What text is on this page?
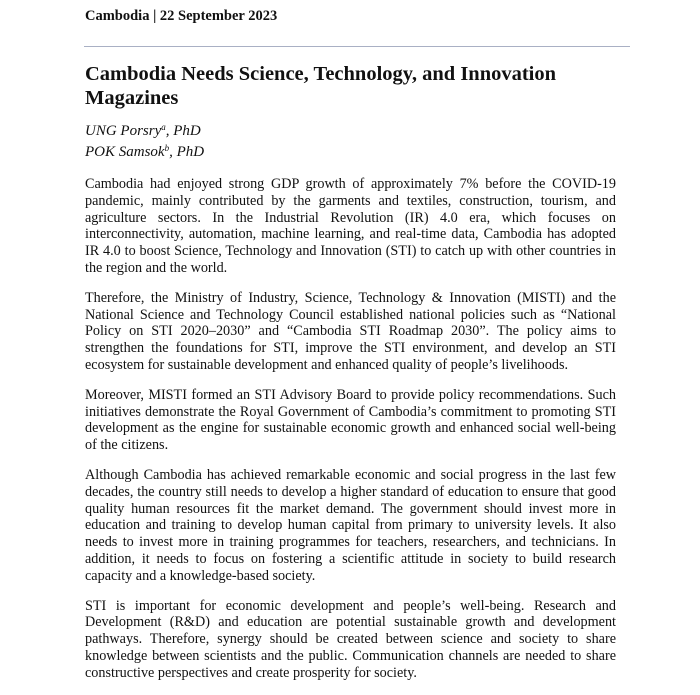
Cambodia | 22 September 2023
Cambodia Needs Science, Technology, and Innovation Magazines
UNG Porsry$^a$, PhD
POK Samsok$^b$, PhD

Cambodia had enjoyed strong GDP growth of approximately 7% before the COVID-19 pandemic, mainly contributed by the garments and textiles, construction, tourism, and agriculture sectors. In the Industrial Revolution (IR) 4.0 era, which focuses on interconnectivity, automation, machine learning, and real-time data, Cambodia has adopted IR 4.0 to boost Science, Technology and Innovation (STI) to catch up with other countries in the region and the world.

Therefore, the Ministry of Industry, Science, Technology & Innovation (MISTI) and the National Science and Technology Council established national policies such as “National Policy on STI 2020–2030” and “Cambodia STI Roadmap 2030”. The policy aims to strengthen the foundations for STI, improve the STI environment, and develop an STI ecosystem for sustainable development and enhanced quality of people’s livelihoods.

Moreover, MISTI formed an STI Advisory Board to provide policy recommendations. Such initiatives demonstrate the Royal Government of Cambodia’s commitment to promoting STI development as the engine for sustainable economic growth and enhanced social well-being of the citizens.

Although Cambodia has achieved remarkable economic and social progress in the last few decades, the country still needs to develop a higher standard of education to ensure that good quality human resources fit the market demand. The government should invest more in education and training to develop human capital from primary to university levels. It also needs to invest more in training programmes for teachers, researchers, and technicians. In addition, it needs to focus on fostering a scientific attitude in society to build research capacity and a knowledge-based society.

STI is important for economic development and people’s well-being. Research and Development (R&D) and education are potential sustainable growth and development pathways. Therefore, synergy should be created between science and society to share knowledge between scientists and the public. Communication channels are needed to share constructive perspectives and create prosperity for society.
